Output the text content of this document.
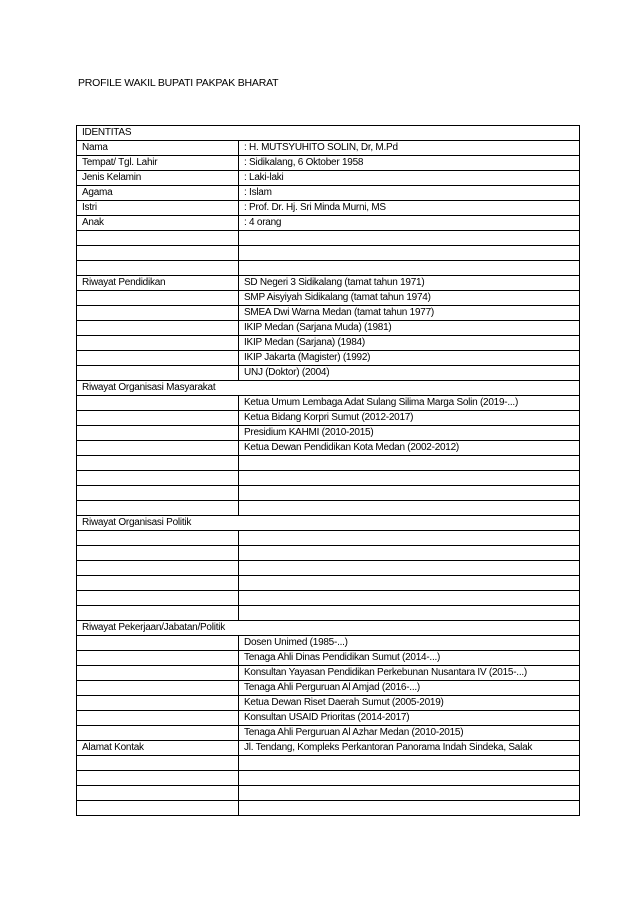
PROFILE WAKIL BUPATI PAKPAK BHARAT
IDENTITAS	
Nama	: H. MUTSYUHITO SOLIN, Dr, M.Pd
Tempat/ Tgl. Lahir	: Sidikalang, 6 Oktober 1958
Jenis Kelamin	: Laki-laki
Agama	: Islam
Istri	: Prof. Dr. Hj. Sri Minda Murni, MS
Anak	: 4 orang

Riwayat Pendidikan	SD Negeri 3 Sidikalang (tamat tahun 1971)
	SMP Aisyiyah Sidikalang (tamat tahun 1974)
	SMEA Dwi Warna Medan (tamat tahun 1977)
	IKIP Medan (Sarjana Muda) (1981)
	IKIP Medan (Sarjana) (1984)
	IKIP Jakarta (Magister) (1992)
	UNJ (Doktor) (2004)
Riwayat Organisasi Masyarakat	
	Ketua Umum Lembaga Adat Sulang Silima Marga Solin (2019-...)
	Ketua Bidang Korpri Sumut (2012-2017)
	Presidium KAHMI (2010-2015)
	Ketua Dewan Pendidikan Kota Medan (2002-2012)

Riwayat Organisasi Politik	

Riwayat Pekerjaan/Jabatan/Politik	
	Dosen Unimed (1985-...)
	Tenaga Ahli Dinas Pendidikan Sumut (2014-...)
	Konsultan Yayasan Pendidikan Perkebunan Nusantara IV (2015-...)
	Tenaga Ahli Perguruan Al Amjad (2016-...)
	Ketua Dewan Riset Daerah Sumut (2005-2019)
	Konsultan USAID Prioritas (2014-2017)
	Tenaga Ahli Perguruan Al Azhar Medan (2010-2015)
Alamat Kontak	Jl. Tendang, Kompleks Perkantoran Panorama Indah Sindeka, Salak
